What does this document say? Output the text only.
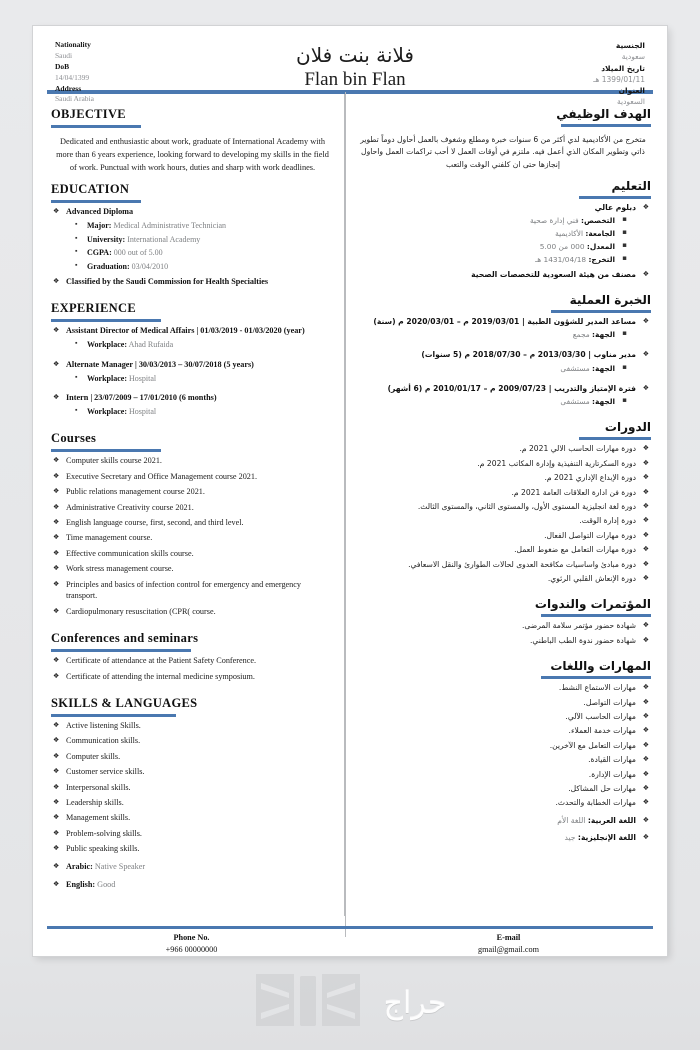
Nationality
Saudi
DoB
14/04/1399
Address
Saudi Arabia
فلانة بنت فلان
Flan bin Flan
الجنسية
سعودية
تاريخ الميلاد
1399/01/11 هـ
العنوان
السعودية
OBJECTIVE
Dedicated and enthusiastic about work, graduate of International Academy with more than 6 years experience, looking forward to developing my skills in the field of work. Punctual with work hours, duties and sharp with work deadlines.
EDUCATION
❖ Advanced Diploma
▪ Major: Medical Administrative Technician
▪ University: International Academy
▪ CGPA: 000 out of 5.00
▪ Graduation: 03/04/2010
❖ Classified by the Saudi Commission for Health Specialties
EXPERIENCE
❖ Assistant Director of Medical Affairs | 01/03/2019 - 01/03/2020 (year)
▪ Workplace: Ahad Rufaida
❖ Alternate Manager | 30/03/2013 – 30/07/2018 (5 years)
▪ Workplace: Hospital
❖ Intern | 23/07/2009 – 17/01/2010 (6 months)
▪ Workplace: Hospital
Courses
❖ Computer skills course 2021.
❖ Executive Secretary and Office Management course 2021.
❖ Public relations management course 2021.
❖ Administrative Creativity course 2021.
❖ English language course, first, second, and third level.
❖ Time management course.
❖ Effective communication skills course.
❖ Work stress management course.
❖ Principles and basics of infection control for emergency and emergency transport.
❖ Cardiopulmonary resuscitation (CPR( course.
Conferences and seminars
❖ Certificate of attendance at the Patient Safety Conference.
❖ Certificate of attending the internal medicine symposium.
SKILLS & LANGUAGES
❖ Active listening Skills.
❖ Communication skills.
❖ Computer skills.
❖ Customer service skills.
❖ Interpersonal skills.
❖ Leadership skills.
❖ Management skills.
❖ Problem-solving skills.
❖ Public speaking skills.
❖ Arabic: Native Speaker
❖ English: Good
الهدف الوظيفي
متخرج من الأكاديمية لدي أكثر من 6 سنوات خبرة ومطلع وشغوف بالعمل أحاول دوماً تطوير ذاتي وتطوير المكان الذي أعمل فيه. ملتزم في أوقات العمل لا أحب تراكمات العمل واحاول إنجازها حتى ان كلفني الوقت والتعب
التعليم
❖ دبلوم عالي
▪ التخصص: فني إدارة صحية
▪ الجامعة: الأكاديمية
▪ المعدل: 000 من 5.00
▪ التخرج: 1431/04/18 هـ
❖ مصنف من هيئة السعودية للتخصصات الصحية
الخبرة العملية
❖ مساعد المدير للشؤون الطبية | 2019/03/01 م – 2020/03/01 م (سنة)
▪ الجهة: مجمع
❖ مدير مناوب | 2013/03/30 م – 2018/07/30 م (5 سنوات)
▪ الجهة: مستشفى
❖ فترة الإمتياز والتدريب | 2009/07/23 م – 2010/01/17 م (6 أشهر)
▪ الجهة: مستشفى
الدورات
❖ دورة مهارات الحاسب الالي 2021 م.
❖ دورة السكرتارية التنفيذية وإدارة المكاتب 2021 م.
❖ دورة الإبداع الإداري 2021 م.
❖ دورة فن ادارة العلاقات العامة 2021 م.
❖ دورة لغة انجليزية المستوى الأول، والمستوى الثاني، والمستوى الثالث.
❖ دورة إدارة الوقت.
❖ دورة مهارات التواصل الفعال.
❖ دورة مهارات التعامل مع ضغوط العمل.
❖ دورة مبادئ واساسيات مكافحة العدوى لحالات الطوارئ والنقل الاسعافي.
❖ دورة الإنعاش القلبي الرئوي.
المؤتمرات والندوات
❖ شهادة حضور مؤتمر سلامة المرضى.
❖ شهادة حضور ندوة الطب الباطني.
المهارات واللغات
❖ مهارات الاستماع النشط.
❖ مهارات التواصل.
❖ مهارات الحاسب الآلي.
❖ مهارات خدمة العملاء.
❖ مهارات التعامل مع الآخرين.
❖ مهارات القيادة.
❖ مهارات الإدارة.
❖ مهارات حل المشاكل.
❖ مهارات الخطابة والتحدث.
❖ اللغة العربية: اللغة الأم
❖ اللغة الإنجليزية: جيد
Phone No.
+966 00000000
E-mail
gmail@gmail.com
حراج
